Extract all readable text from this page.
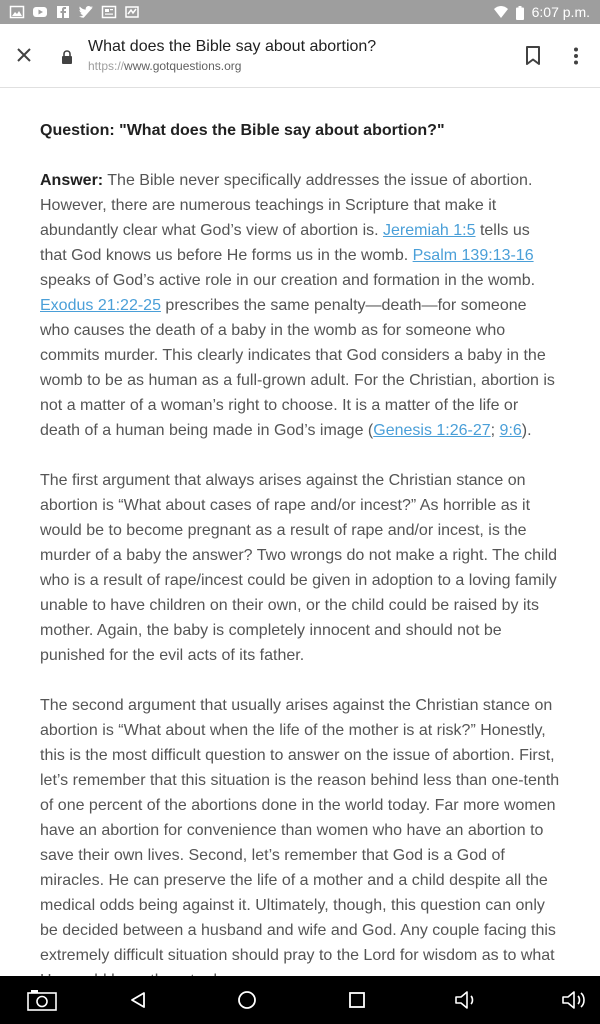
6:07 p.m.
What does the Bible say about abortion?
https://www.gotquestions.org
Question: "What does the Bible say about abortion?"
Answer: The Bible never specifically addresses the issue of abortion. However, there are numerous teachings in Scripture that make it abundantly clear what God’s view of abortion is. Jeremiah 1:5 tells us that God knows us before He forms us in the womb. Psalm 139:13-16 speaks of God’s active role in our creation and formation in the womb. Exodus 21:22-25 prescribes the same penalty—death—for someone who causes the death of a baby in the womb as for someone who commits murder. This clearly indicates that God considers a baby in the womb to be as human as a full-grown adult. For the Christian, abortion is not a matter of a woman’s right to choose. It is a matter of the life or death of a human being made in God’s image (Genesis 1:26-27; 9:6).
The first argument that always arises against the Christian stance on abortion is “What about cases of rape and/or incest?” As horrible as it would be to become pregnant as a result of rape and/or incest, is the murder of a baby the answer? Two wrongs do not make a right. The child who is a result of rape/incest could be given in adoption to a loving family unable to have children on their own, or the child could be raised by its mother. Again, the baby is completely innocent and should not be punished for the evil acts of its father.
The second argument that usually arises against the Christian stance on abortion is “What about when the life of the mother is at risk?” Honestly, this is the most difficult question to answer on the issue of abortion. First, let’s remember that this situation is the reason behind less than one-tenth of one percent of the abortions done in the world today. Far more women have an abortion for convenience than women who have an abortion to save their own lives. Second, let’s remember that God is a God of miracles. He can preserve the life of a mother and a child despite all the medical odds being against it. Ultimately, though, this question can only be decided between a husband and wife and God. Any couple facing this extremely difficult situation should pray to the Lord for wisdom as to what
